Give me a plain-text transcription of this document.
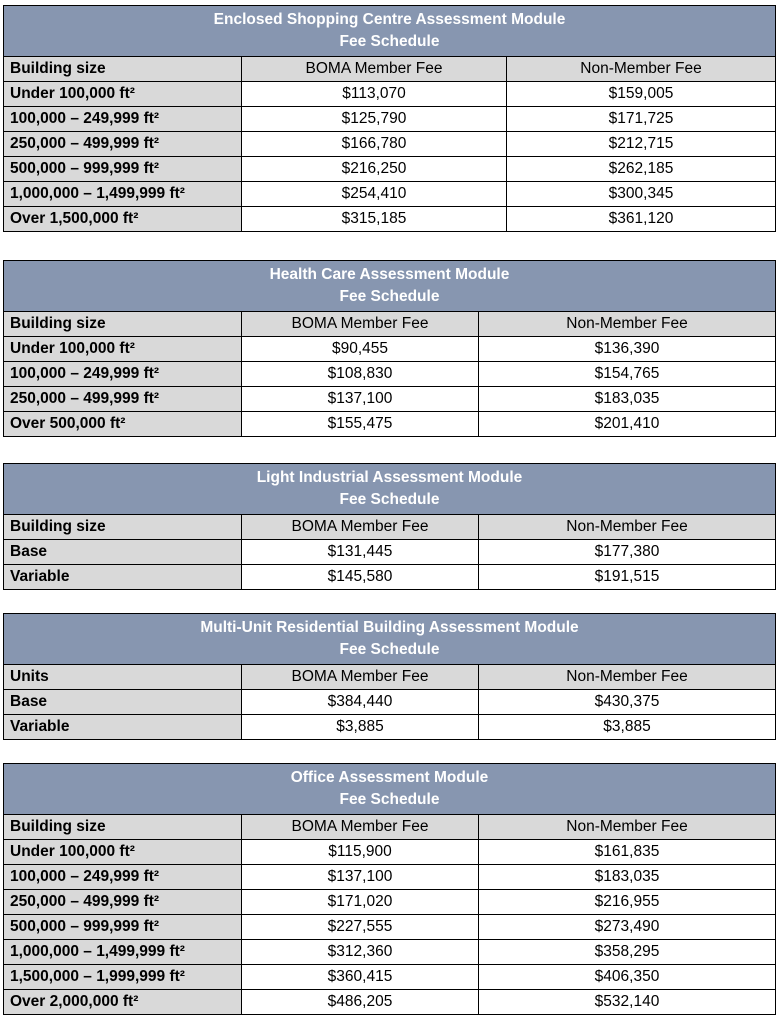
Enclosed Shopping Centre Assessment Module
Fee Schedule		

Building size	BOMA Member Fee	Non-Member Fee
Under 100,000 ft²	$113,070	$159,005
100,000 – 249,999 ft²	$125,790	$171,725
250,000 – 499,999 ft²	$166,780	$212,715
500,000 – 999,999 ft²	$216,250	$262,185
1,000,000 – 1,499,999 ft²	$254,410	$300,345
Over 1,500,000 ft²	$315,185	$361,120
Health Care Assessment Module
Fee Schedule		

Building size	BOMA Member Fee	Non-Member Fee
Under 100,000 ft²	$90,455	$136,390
100,000 – 249,999 ft²	$108,830	$154,765
250,000 – 499,999 ft²	$137,100	$183,035
Over 500,000 ft²	$155,475	$201,410
Light Industrial Assessment Module
Fee Schedule		

Building size	BOMA Member Fee	Non-Member Fee
Base	$131,445	$177,380
Variable	$145,580	$191,515
Multi-Unit Residential Building Assessment Module
Fee Schedule		

Units	BOMA Member Fee	Non-Member Fee
Base	$384,440	$430,375
Variable	$3,885	$3,885
Office Assessment Module
Fee Schedule		

Building size	BOMA Member Fee	Non-Member Fee
Under 100,000 ft²	$115,900	$161,835
100,000 – 249,999 ft²	$137,100	$183,035
250,000 – 499,999 ft²	$171,020	$216,955
500,000 – 999,999 ft²	$227,555	$273,490
1,000,000 – 1,499,999 ft²	$312,360	$358,295
1,500,000 – 1,999,999 ft²	$360,415	$406,350
Over 2,000,000 ft²	$486,205	$532,140
